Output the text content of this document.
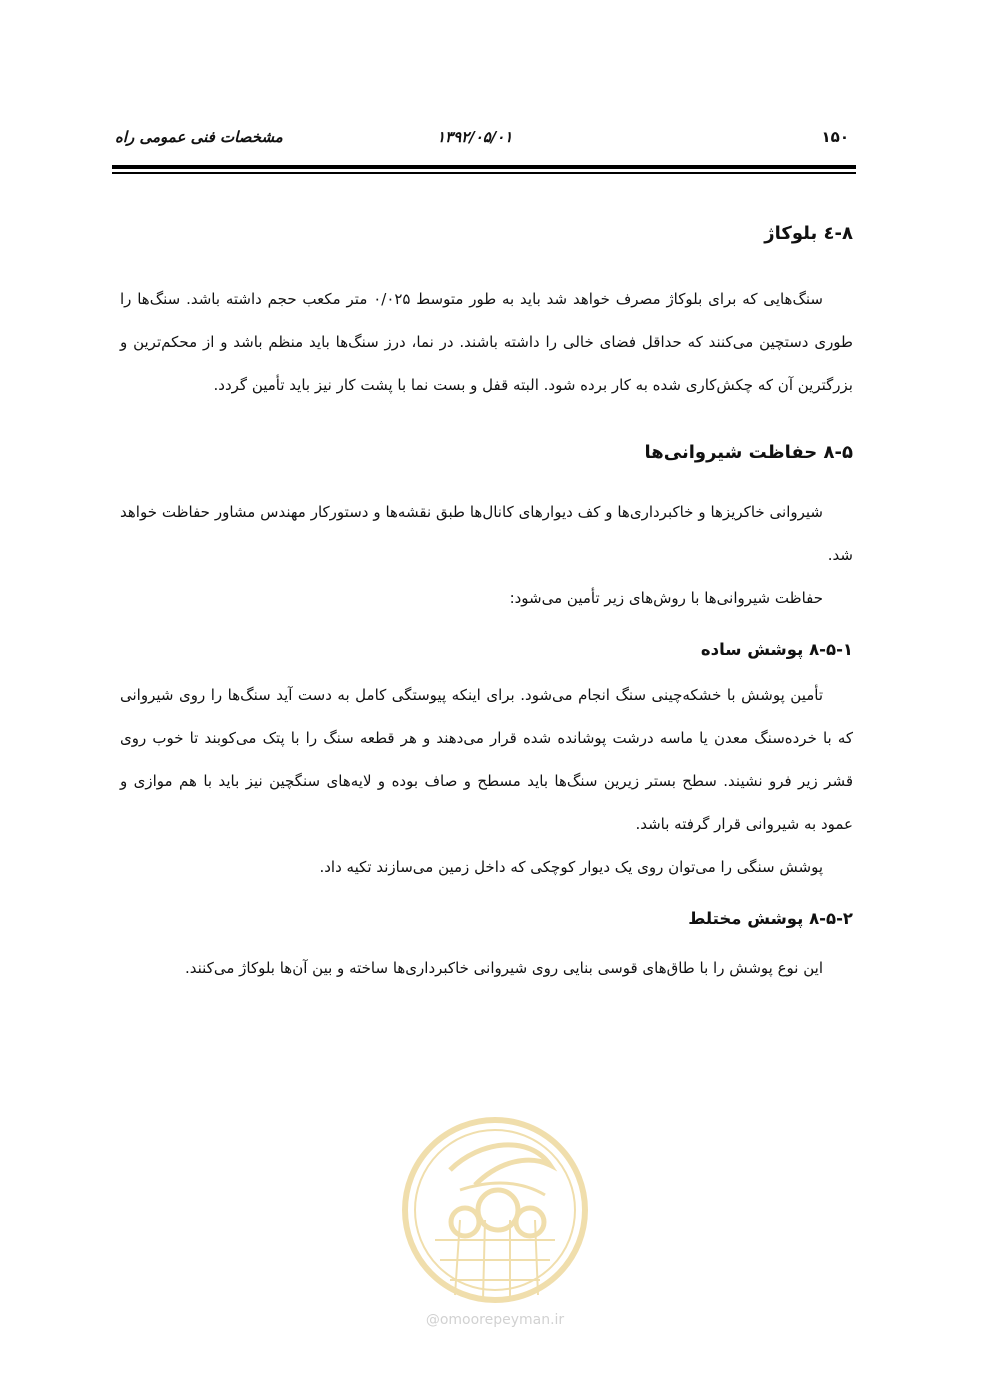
۱۵۰
۱۳۹۲/۰۵/۰۱
مشخصات فنی عمومی راه
۸-٤ بلوکاژ

سنگ‌هایی که برای بلوکاژ مصرف خواهد شد باید به طور متوسط ۰/۰۲۵ متر مکعب حجم داشته باشد. سنگ‌ها را طوری دستچین می‌کنند که حداقل فضای خالی را داشته باشند. در نما، درز سنگ‌ها باید منظم باشد و از محکم‌ترین و بزرگترین آن که چکش‌کاری شده به کار برده شود. البته قفل و بست نما با پشت کار نیز باید تأمین گردد.

۸-۵ حفاظت شیروانی‌ها

شیروانی خاکریزها و خاکبرداری‌ها و کف دیوارهای کانال‌ها طبق نقشه‌ها و دستورکار مهندس مشاور حفاظت خواهد شد.

حفاظت شیروانی‌ها با روش‌های زیر تأمین می‌شود:

۸-۵-۱ پوشش ساده

تأمین پوشش با خشکه‌چینی سنگ انجام می‌شود. برای اینکه پیوستگی کامل به دست آید سنگ‌ها را روی شیروانی که با خرده‌سنگ معدن یا ماسه درشت پوشانده شده قرار می‌دهند و هر قطعه سنگ را با پتک می‌کوبند تا خوب روی قشر زیر فرو نشیند. سطح بستر زیرین سنگ‌ها باید مسطح و صاف بوده و لایه‌های سنگچین نیز باید با هم موازی و عمود به شیروانی قرار گرفته باشد.

پوشش سنگی را می‌توان روی یک دیوار کوچکی که داخل زمین می‌سازند تکیه داد.

۸-۵-۲ پوشش مختلط

این نوع پوشش را با طاق‌های قوسی بنایی روی شیروانی خاکبرداری‌ها ساخته و بین آن‌ها بلوکاژ می‌کنند.

@omoorepeyman.ir
